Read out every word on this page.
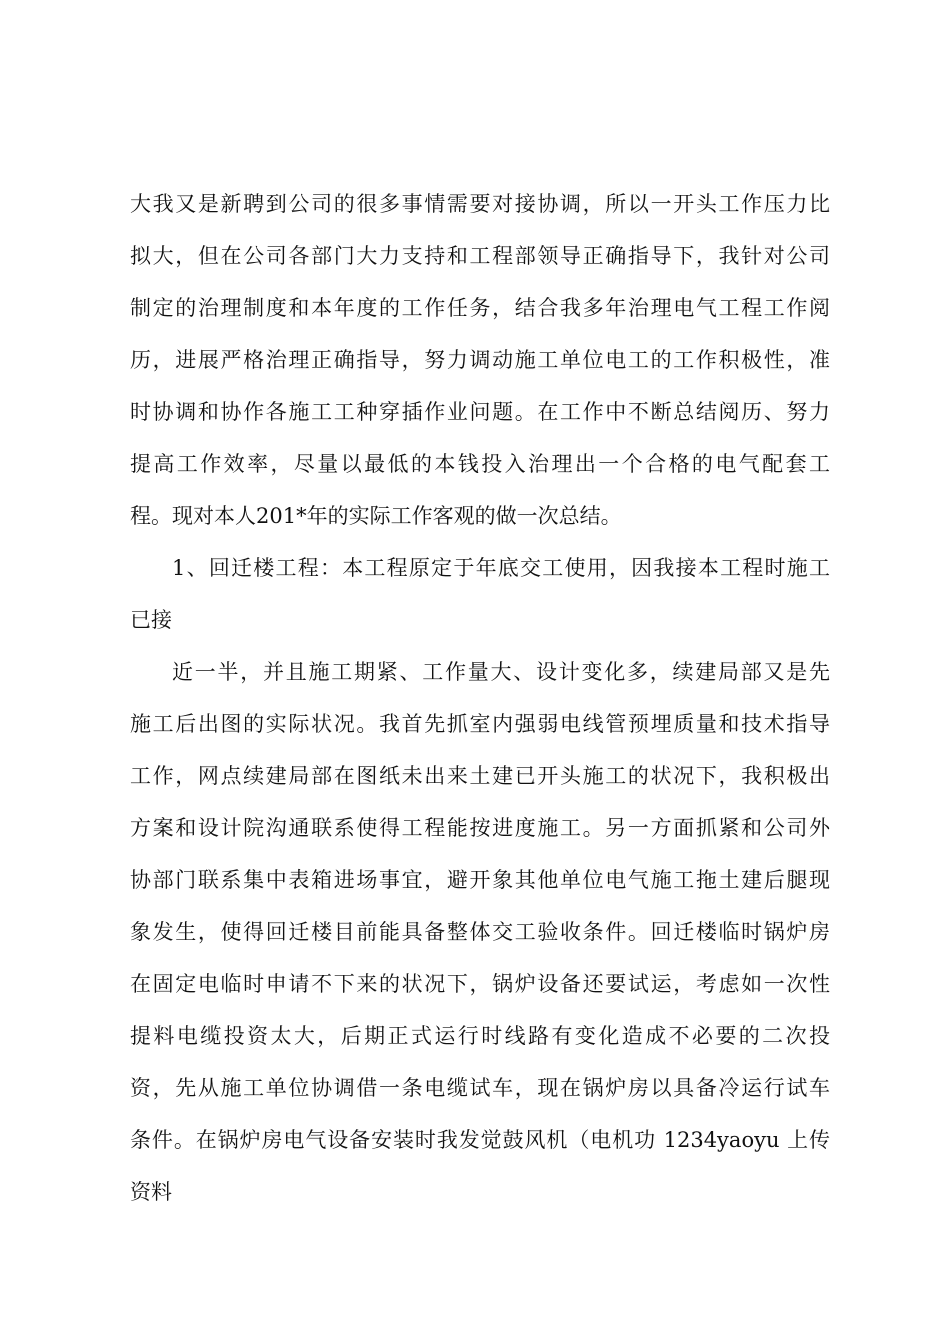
大我又是新聘到公司的很多事情需要对接协调，所以一开头工作压力比
拟大，但在公司各部门大力支持和工程部领导正确指导下，我针对公司
制定的治理制度和本年度的工作任务，结合我多年治理电气工程工作阅
历，进展严格治理正确指导，努力调动施工单位电工的工作积极性，准
时协调和协作各施工工种穿插作业问题。在工作中不断总结阅历、努力
提高工作效率，尽量以最低的本钱投入治理出一个合格的电气配套工
程。现对本人201*年的实际工作客观的做一次总结。
1、回迁楼工程：本工程原定于年底交工使用，因我接本工程时施工
已接
近一半，并且施工期紧、工作量大、设计变化多，续建局部又是先
施工后出图的实际状况。我首先抓室内强弱电线管预埋质量和技术指导
工作，网点续建局部在图纸未出来土建已开头施工的状况下，我积极出
方案和设计院沟通联系使得工程能按进度施工。另一方面抓紧和公司外
协部门联系集中表箱进场事宜，避开象其他单位电气施工拖土建后腿现
象发生，使得回迁楼目前能具备整体交工验收条件。回迁楼临时锅炉房
在固定电临时申请不下来的状况下，锅炉设备还要试运，考虑如一次性
提料电缆投资太大，后期正式运行时线路有变化造成不必要的二次投
资，先从施工单位协调借一条电缆试车，现在锅炉房以具备冷运行试车
条件。在锅炉房电气设备安装时我发觉鼓风机（电机功 1234yaoyu 上传
资料
